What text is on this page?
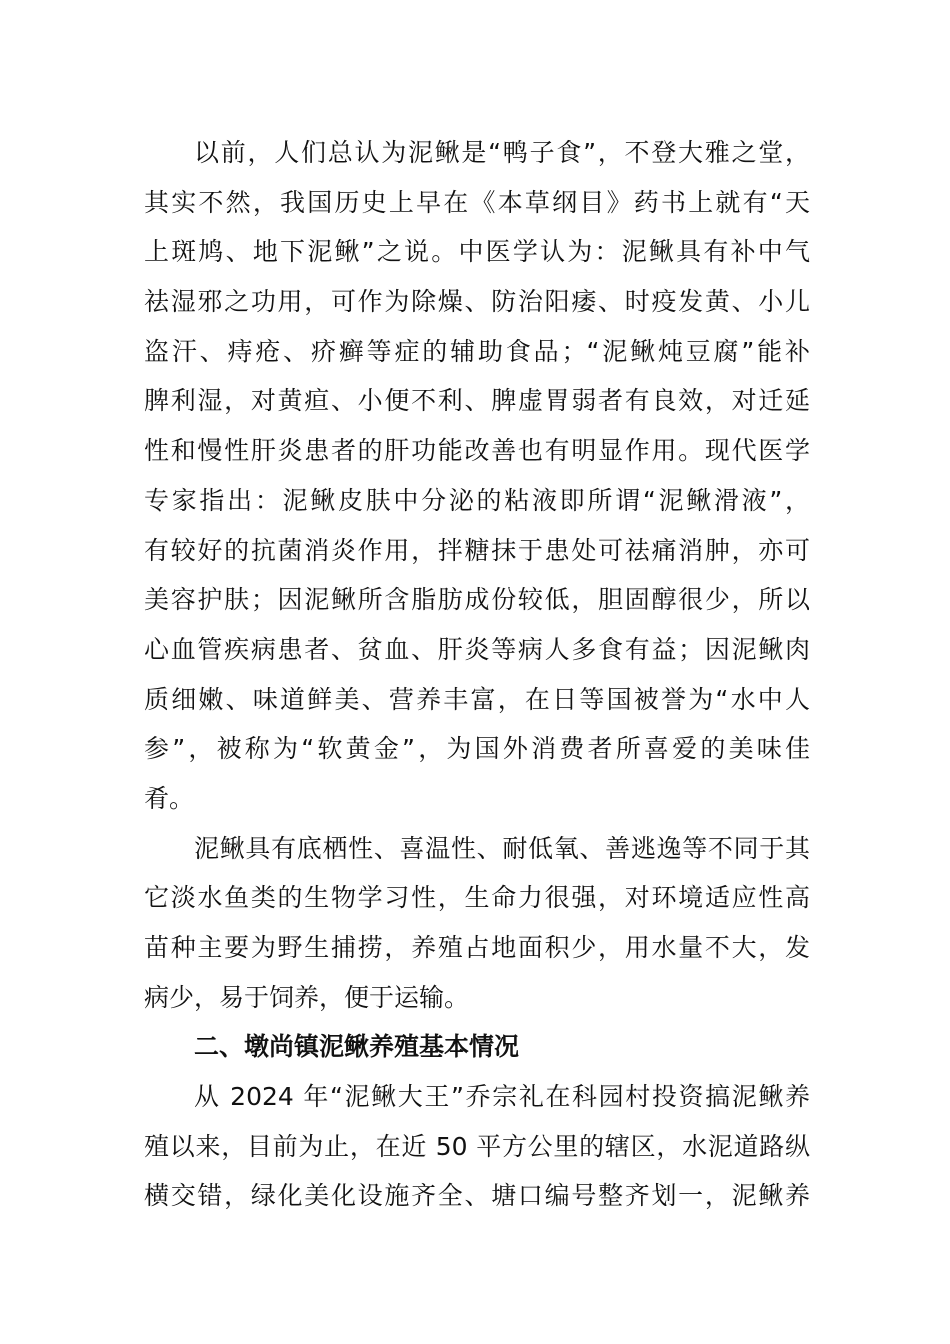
以前，人们总认为泥鳅是“鸭子食”，不登大雅之堂，
其实不然，我国历史上早在《本草纲目》药书上就有“天
上斑鸠、地下泥鳅”之说。中医学认为：泥鳅具有补中气
祛湿邪之功用，可作为除燥、防治阳痿、时疫发黄、小儿
盗汗、痔疮、疥癣等症的辅助食品；“泥鳅炖豆腐”能补
脾利湿，对黄疸、小便不利、脾虚胃弱者有良效，对迁延
性和慢性肝炎患者的肝功能改善也有明显作用。现代医学
专家指出：泥鳅皮肤中分泌的粘液即所谓“泥鳅滑液”，
有较好的抗菌消炎作用，拌糖抹于患处可祛痛消肿，亦可
美容护肤；因泥鳅所含脂肪成份较低，胆固醇很少，所以
心血管疾病患者、贫血、肝炎等病人多食有益；因泥鳅肉
质细嫩、味道鲜美、营养丰富，在日等国被誉为“水中人
参”，被称为“软黄金”，为国外消费者所喜爱的美味佳
肴。

泥鳅具有底栖性、喜温性、耐低氧、善逃逸等不同于其
它淡水鱼类的生物学习性，生命力很强，对环境适应性高
苗种主要为野生捕捞，养殖占地面积少，用水量不大，发
病少，易于饲养，便于运输。

二、墩尚镇泥鳅养殖基本情况

从 2024 年“泥鳅大王”乔宗礼在科园村投资搞泥鳅养
殖以来，目前为止，在近 50 平方公里的辖区，水泥道路纵
横交错，绿化美化设施齐全、塘口编号整齐划一，泥鳅养
